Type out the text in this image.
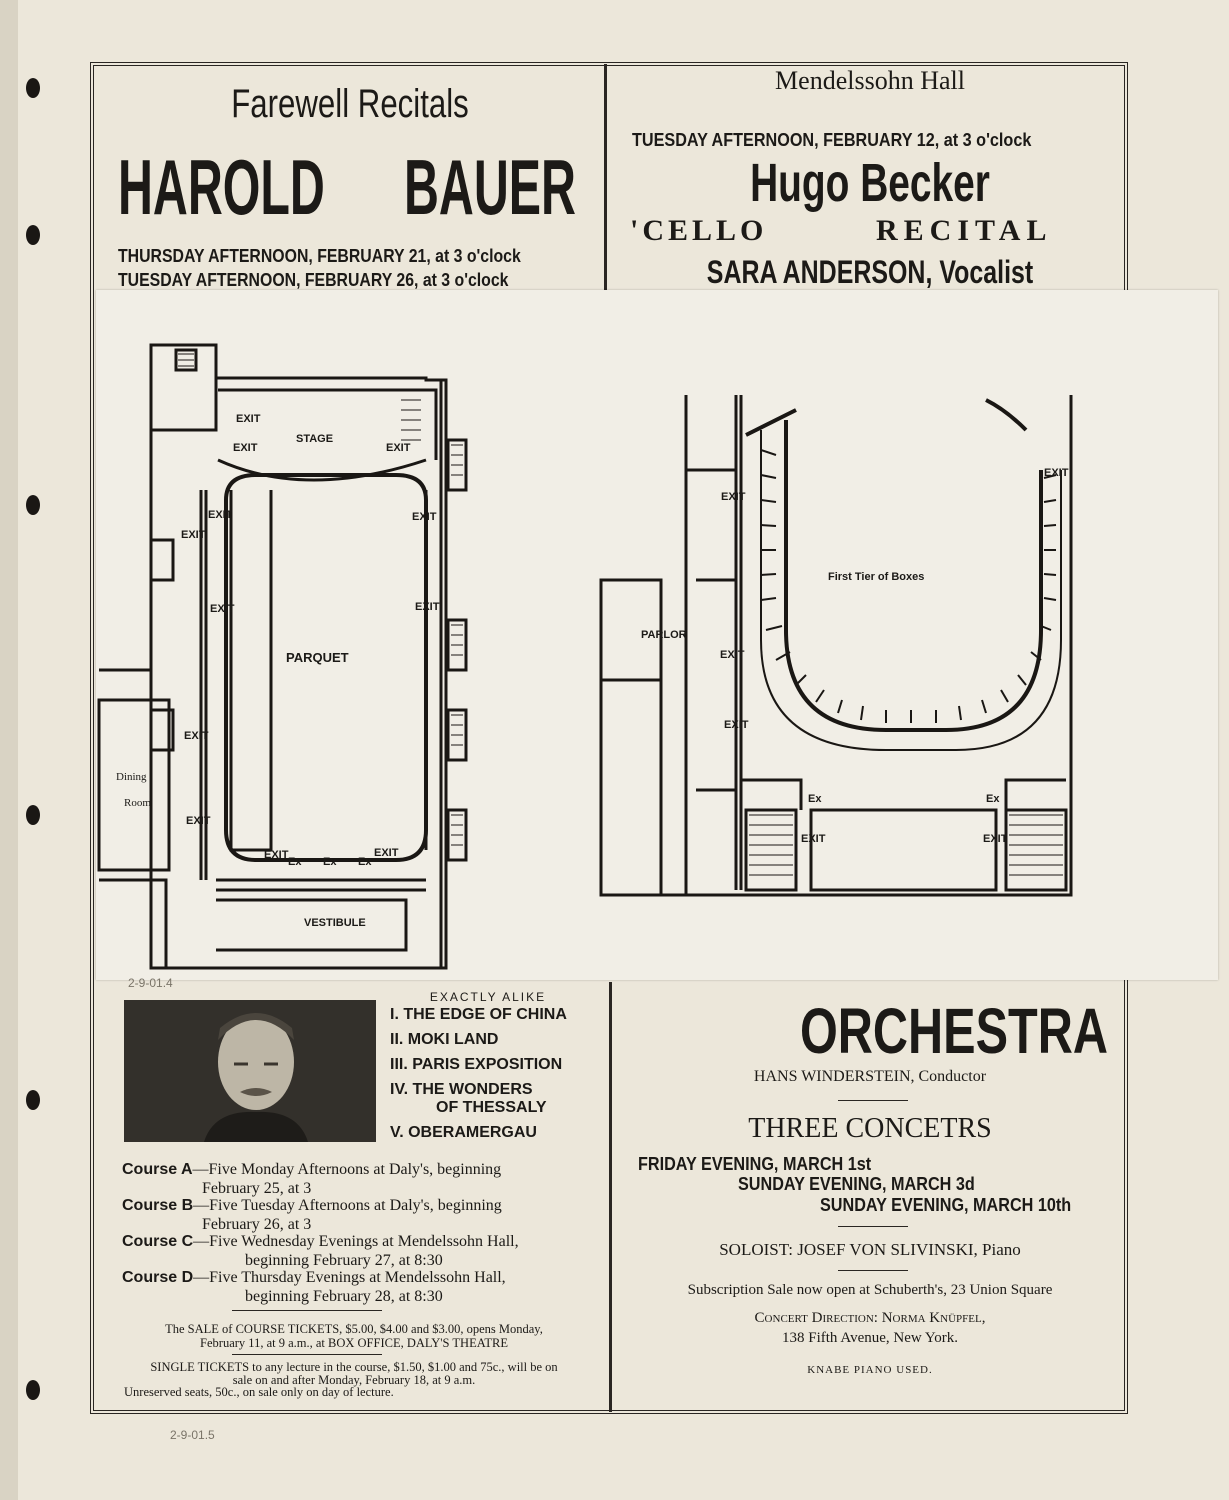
Farewell Recitals
HAROLD BAUER
THURSDAY AFTERNOON, FEBRUARY 21, at 3 o'clock
TUESDAY AFTERNOON, FEBRUARY 26, at 3 o'clock
Mendelssohn Hall
TUESDAY AFTERNOON, FEBRUARY 12, at 3 o'clock
Hugo Becker
'CELLO	RECITAL
SARA ANDERSON, Vocalist
STAGE
PARQUET
VESTIBULE
Dining
Room
EXIT
EXIT	EXIT
EXIT	EXIT
EXIT
EXIT	EXIT
EXIT
EXIT
EXIT	EXIT
Ex Ex Ex
First Tier of Boxes
PARLOR
EXIT
EXIT
EXIT
EXIT
EXIT	EXIT
Ex	Ex
2-9-01.4
2-9-01.5
EXACTLY ALIKE
I. THE EDGE OF CHINA
II. MOKI LAND
III. PARIS EXPOSITION
IV. THE WONDERS
OF THESSALY
V. OBERAMERGAU
Course A—Five Monday Afternoons at Daly's, beginning
February 25, at 3
Course B—Five Tuesday Afternoons at Daly's, beginning
February 26, at 3
Course C—Five Wednesday Evenings at Mendelssohn Hall,
beginning February 27, at 8:30
Course D—Five Thursday Evenings at Mendelssohn Hall,
beginning February 28, at 8:30
The SALE of COURSE TICKETS, $5.00, $4.00 and $3.00, opens Monday,
February 11, at 9 a.m., at BOX OFFICE, DALY'S THEATRE
SINGLE TICKETS to any lecture in the course, $1.50, $1.00 and 75c., will be on
sale on and after Monday, February 18, at 9 a.m.
Unreserved seats, 50c., on sale only on day of lecture.
ORCHESTRA
HANS WINDERSTEIN, Conductor
THREE CONCETRS
FRIDAY EVENING, MARCH 1st
SUNDAY EVENING, MARCH 3d
SUNDAY EVENING, MARCH 10th
SOLOIST: JOSEF VON SLIVINSKI, Piano
Subscription Sale now open at Schuberth's, 23 Union Square
Concert Direction: Norma Knüpfel,
138 Fifth Avenue, New York.
KNABE PIANO USED.
